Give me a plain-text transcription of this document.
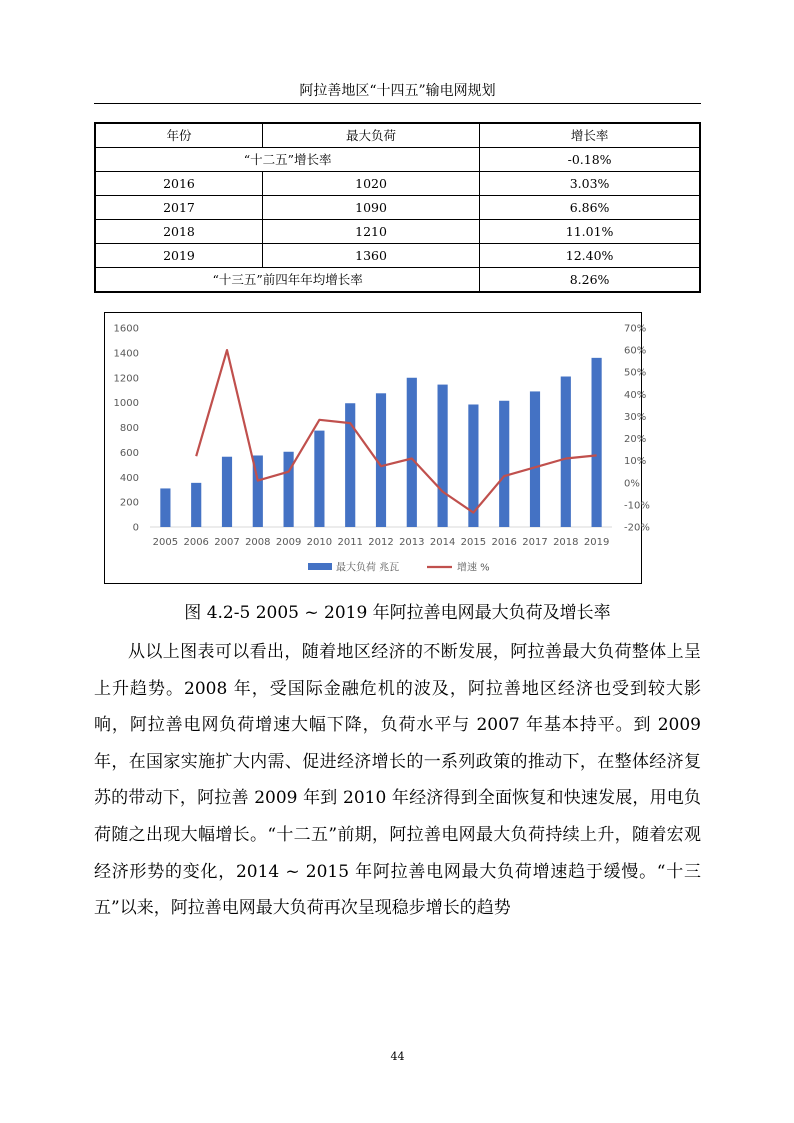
阿拉善地区“十四五”输电网规划
年份	最大负荷	增长率
“十二五”增长率		-0.18%
2016	1020	3.03%
2017	1090	6.86%
2018	1210	11.01%
2019	1360	12.40%
“十三五”前四年年均增长率		8.26%
0
200
400
600
800
1000
1200
1400
1600
-20%
-10%
0%
10%
20%
30%
40%
50%
60%
70%
2005 2006 2007 2008 2009 2010 2011 2012 2013 2014 2015 2016 2017 2018 2019
最大负荷 兆瓦	增速 %
图 4.2-5 2005 ~ 2019 年阿拉善电网最大负荷及增长率

从以上图表可以看出，随着地区经济的不断发展，阿拉善最大负荷整体上呈上升趋势。2008 年，受国际金融危机的波及，阿拉善地区经济也受到较大影响，阿拉善电网负荷增速大幅下降，负荷水平与 2007 年基本持平。到 2009 年，在国家实施扩大内需、促进经济增长的一系列政策的推动下，在整体经济复苏的带动下，阿拉善 2009 年到 2010 年经济得到全面恢复和快速发展，用电负荷随之出现大幅增长。“十二五”前期，阿拉善电网最大负荷持续上升，随着宏观经济形势的变化，2014 ~ 2015 年阿拉善电网最大负荷增速趋于缓慢。“十三五”以来，阿拉善电网最大负荷再次呈现稳步增长的趋势

44
